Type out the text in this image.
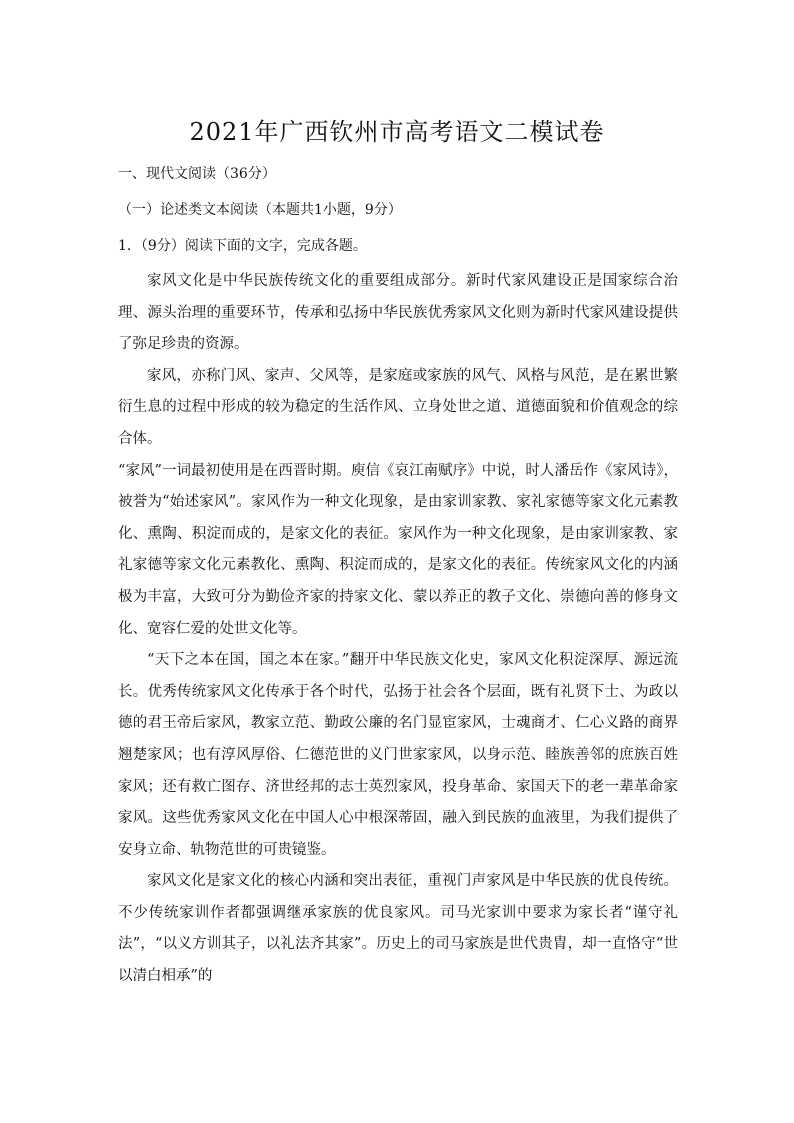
2021年广西钦州市高考语文二模试卷
一、现代文阅读（36分）
（一）论述类文本阅读（本题共1小题，9分）
1．（9分）阅读下面的文字，完成各题。

家风文化是中华民族传统文化的重要组成部分。新时代家风建设正是国家综合治理、源头治理的重要环节，传承和弘扬中华民族优秀家风文化则为新时代家风建设提供了弥足珍贵的资源。

家风，亦称门风、家声、父风等，是家庭或家族的风气、风格与风范，是在累世繁衍生息的过程中形成的较为稳定的生活作风、立身处世之道、道德面貌和价值观念的综合体。

“家风”一词最初使用是在西晋时期。庾信《哀江南赋序》中说，时人潘岳作《家风诗》，被誉为“始述家风”。家风作为一种文化现象，是由家训家教、家礼家德等家文化元素教化、熏陶、积淀而成的，是家文化的表征。家风作为一种文化现象，是由家训家教、家礼家德等家文化元素教化、熏陶、积淀而成的，是家文化的表征。传统家风文化的内涵极为丰富，大致可分为勤俭齐家的持家文化、蒙以养正的教子文化、崇德向善的修身文化、宽容仁爱的处世文化等。

“天下之本在国，国之本在家。”翻开中华民族文化史，家风文化积淀深厚、源远流长。优秀传统家风文化传承于各个时代，弘扬于社会各个层面，既有礼贤下士、为政以德的君王帝后家风，教家立范、勤政公廉的名门显宦家风，士魂商才、仁心义路的商界翘楚家风；也有淳风厚俗、仁德范世的义门世家家风，以身示范、睦族善邻的庶族百姓家风；还有救亡图存、济世经邦的志士英烈家风，投身革命、家国天下的老一辈革命家家风。这些优秀家风文化在中国人心中根深蒂固，融入到民族的血液里，为我们提供了安身立命、轨物范世的可贵镜鉴。

家风文化是家文化的核心内涵和突出表征，重视门声家风是中华民族的优良传统。不少传统家训作者都强调继承家族的优良家风。司马光家训中要求为家长者“谨守礼法”，“以义方训其子，以礼法齐其家”。历史上的司马家族是世代贵胄，却一直恪守“世以清白相承”的
